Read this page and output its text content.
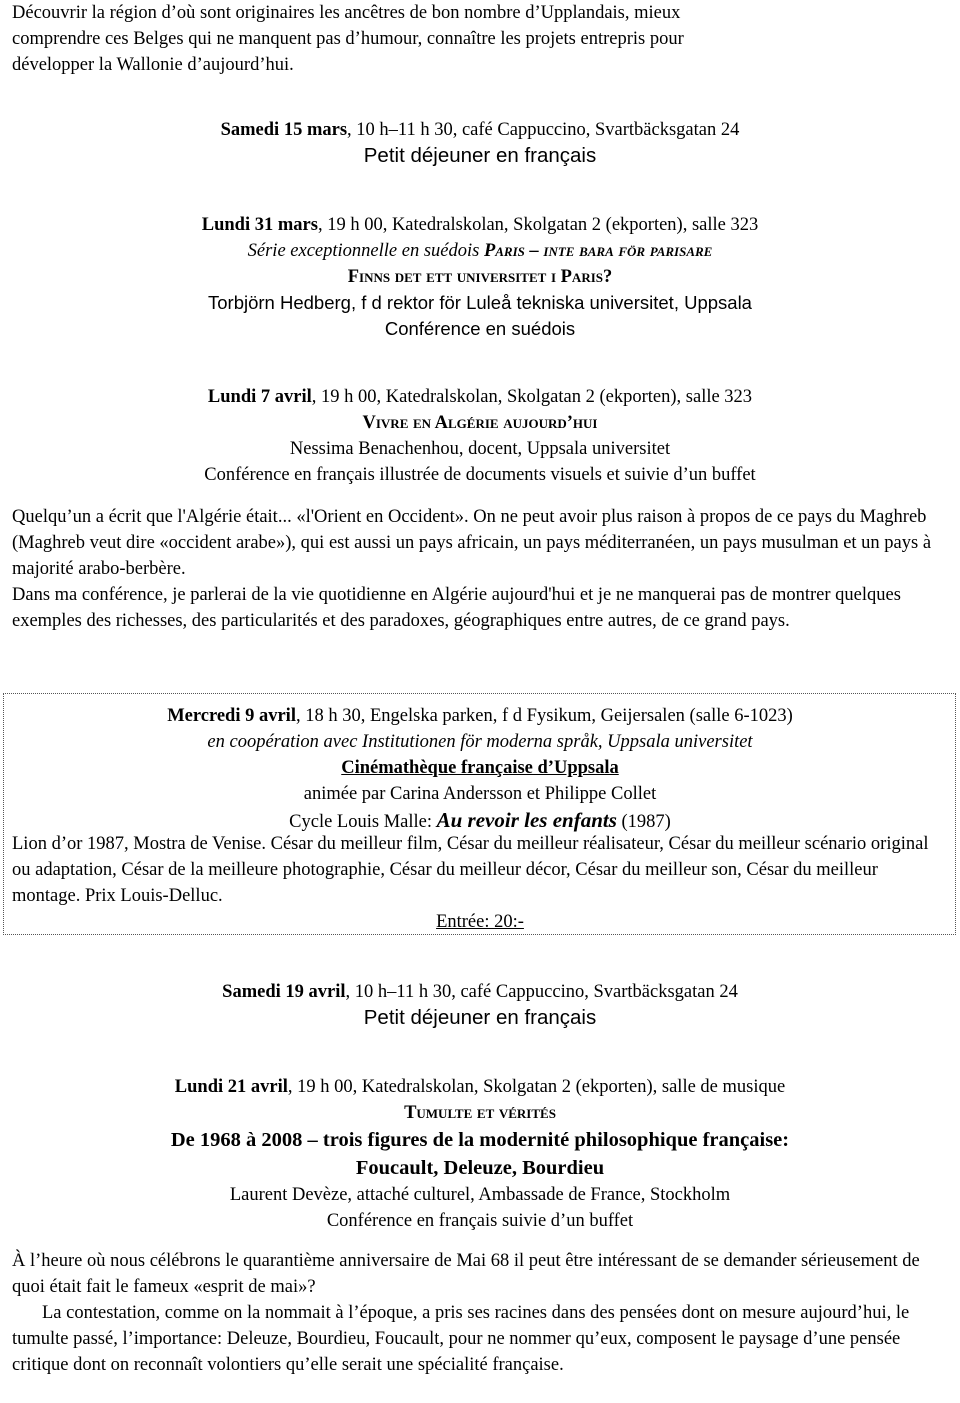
Découvrir la région d’où sont originaires les ancêtres de bon nombre d’Upplandais, mieux

comprendre ces Belges qui ne manquent pas d’humour, connaître les projets entrepris pour

développer la Wallonie d’aujourd’hui.

Samedi 15 mars, 10 h–11 h 30, café Cappuccino, Svartbäcksgatan 24

Petit déjeuner en français

Lundi 31 mars, 19 h 00, Katedralskolan, Skolgatan 2 (ekporten), salle 323

Série exceptionnelle en suédois Paris – inte bara för parisare

Finns det ett universitet i Paris?

Torbjörn Hedberg, f d rektor för Luleå tekniska universitet, Uppsala

Conférence en suédois

Lundi 7 avril, 19 h 00, Katedralskolan, Skolgatan 2 (ekporten), salle 323

Vivre en Algérie aujourd’hui

Nessima Benachenhou, docent, Uppsala universitet

Conférence en français illustrée de documents visuels et suivie d’un buffet

Quelqu’un a écrit que l'Algérie était... «l'Orient en Occident». On ne peut avoir plus raison à propos de ce pays du Maghreb (Maghreb veut dire «occident arabe»), qui est aussi un pays africain, un pays méditerranéen, un pays musulman et un pays à majorité arabo-berbère.

Dans ma conférence, je parlerai de la vie quotidienne en Algérie aujourd'hui et je ne manquerai pas de montrer quelques exemples des richesses, des particularités et des paradoxes, géographiques entre autres, de ce grand pays.

Mercredi 9 avril, 18 h 30, Engelska parken, f d Fysikum, Geijersalen (salle 6-1023)

en coopération avec Institutionen för moderna språk, Uppsala universitet

Cinémathèque française d’Uppsala

animée par Carina Andersson et Philippe Collet

Cycle Louis Malle: Au revoir les enfants (1987)

Lion d’or 1987, Mostra de Venise. César du meilleur film, César du meilleur réalisateur, César du meilleur scénario original ou adaptation, César de la meilleure photographie, César du meilleur décor, César du meilleur son, César du meilleur montage. Prix Louis-Delluc.

Entrée: 20:-

Samedi 19 avril, 10 h–11 h 30, café Cappuccino, Svartbäcksgatan 24

Petit déjeuner en français

Lundi 21 avril, 19 h 00, Katedralskolan, Skolgatan 2 (ekporten), salle de musique

Tumulte et vérités

De 1968 à 2008 – trois figures de la modernité philosophique française:

Foucault, Deleuze, Bourdieu

Laurent Devèze, attaché culturel, Ambassade de France, Stockholm

Conférence en français suivie d’un buffet

À l’heure où nous célébrons le quarantième anniversaire de Mai 68 il peut être intéressant de se demander sérieusement de quoi était fait le fameux «esprit de mai»?

La contestation, comme on la nommait à l’époque, a pris ses racines dans des pensées dont on mesure aujourd’hui, le tumulte passé, l’importance: Deleuze, Bourdieu, Foucault, pour ne nommer qu’eux, composent le paysage d’une pensée critique dont on reconnaît volontiers qu’elle serait une spécialité française.
